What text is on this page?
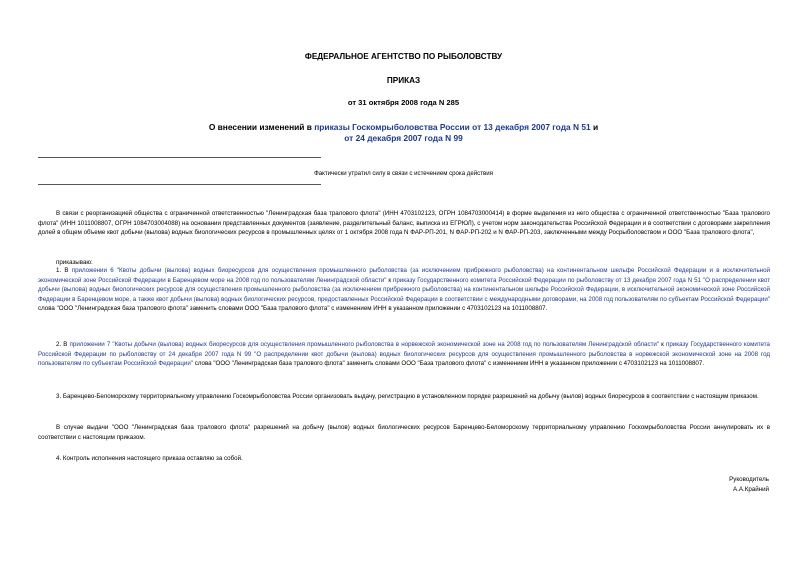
ФЕДЕРАЛЬНОЕ АГЕНТСТВО ПО РЫБОЛОВСТВУ
ПРИКАЗ
от 31 октября 2008 года N 285
О внесении изменений в приказы Госкомрыболовства России от 13 декабря 2007 года N 51 и
от 24 декабря 2007 года N 99
Фактически утратил силу в связи с истечением срока действия
В связи с реорганизацией общества с ограниченной ответственностью "Ленинградская база тралового флота" (ИНН 4703102123, ОГРН 1084703000414) в форме выделения из него общества с ограниченной ответственностью "База тралового флота" (ИНН 1011008807, ОГРН 1084703004088) на основании представленных документов (заявление, разделительный баланс, выписка из ЕГРЮЛ), с учетом норм законодательства Российской Федерации и в соответствии с договорами закрепления долей в общем объеме квот добычи (вылова) водных биологических ресурсов в промышленных целях от 1 октября 2008 года N ФАР-РП-201, N ФАР-РП-202 и N ФАР-РП-203, заключенными между Росрыболовством и ООО "База тралового флота",
приказываю:
1. В приложении 6 "Квоты добычи (вылова) водных биоресурсов для осуществления промышленного рыболовства (за исключением прибрежного рыболовства) на континентальном шельфе Российской Федерации и в исключительной экономической зоне Российской Федерации в Баренцевом море на 2008 год по пользователям Ленинградской области" к приказу Государственного комитета Российской Федерации по рыболовству от 13 декабря 2007 года N 51 "О распределении квот добычи (вылова) водных биологических ресурсов для осуществления промышленного рыболовства (за исключением прибрежного рыболовства) на континентальном шельфе Российской Федерации, в исключительной экономической зоне Российской Федерации в Баренцевом море, а также квот добычи (вылова) водных биологических ресурсов, предоставленных Российской Федерации в соответствии с международными договорами, на 2008 год пользователям по субъектам Российской Федерации" слова "ООО "Ленинградская база тралового флота" заменить словами ООО "База тралового флота" с изменением ИНН в указанном приложении с 4703102123 на 1011008807.
2. В приложении 7 "Квоты добычи (вылова) водных биоресурсов для осуществления промышленного рыболовства в норвежской экономической зоне на 2008 год по пользователям Ленинградской области" к приказу Государственного комитета Российской Федерации по рыболовству от 24 декабря 2007 года N 99 "О распределении квот добычи (вылова) водных биологических ресурсов для осуществления промышленного рыболовства в норвежской экономической зоне на 2008 год пользователям по субъектам Российской Федерации" слова "ООО "Ленинградская база тралового флота" заменить словами ООО "База тралового флота" с изменением ИНН в указанном приложении с 4703102123 на 1011008807.
3. Баренцево-Беломорскому территориальному управлению Госкомрыболовства России организовать выдачу, регистрацию в установленном порядке разрешений на добычу (вылов) водных биоресурсов в соответствии с настоящим приказом.
В случае выдачи "ООО "Ленинградская база тралового флота" разрешений на добычу (вылов) водных биологических ресурсов Баренцево-Беломорскому территориальному управлению Госкомрыболовства России аннулировать их в соответствии с настоящим приказом.
4. Контроль исполнения настоящего приказа оставляю за собой.
Руководитель
А.А.Крайний
